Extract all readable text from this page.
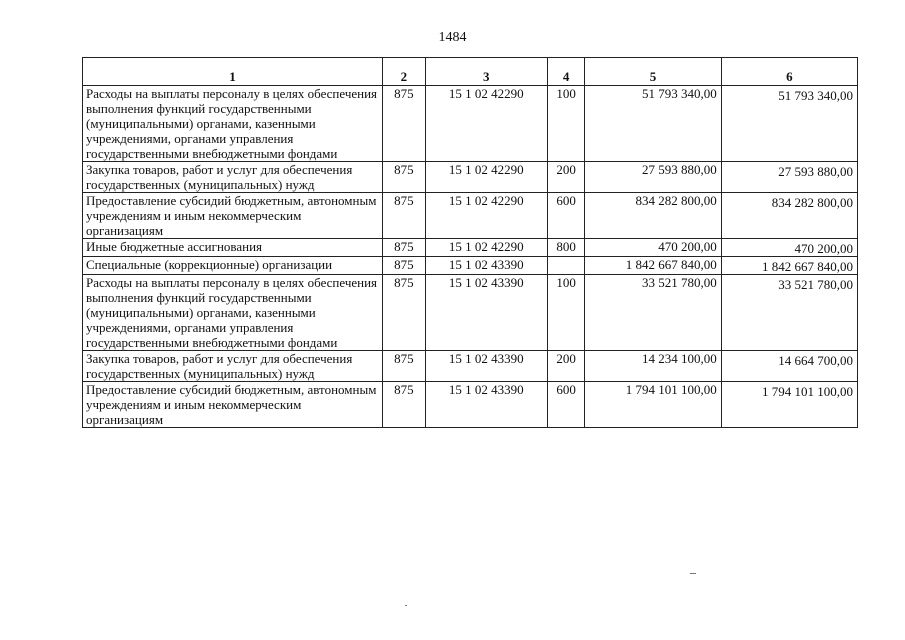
1484
1	2	3	4	5	6
Расходы на выплаты персоналу в целях обеспечения выполнения функций государственными (муниципальными) органами, казенными учреждениями, органами управления государственными внебюджетными фондами	875	15 1 02 42290	100	51 793 340,00	51 793 340,00
Закупка товаров, работ и услуг для обеспечения государственных (муниципальных) нужд	875	15 1 02 42290	200	27 593 880,00	27 593 880,00
Предоставление субсидий бюджетным, автономным учреждениям и иным некоммерческим организациям	875	15 1 02 42290	600	834 282 800,00	834 282 800,00
Иные бюджетные ассигнования	875	15 1 02 42290	800	470 200,00	470 200,00
Специальные (коррекционные) организации	875	15 1 02 43390		1 842 667 840,00	1 842 667 840,00
Расходы на выплаты персоналу в целях обеспечения выполнения функций государственными (муниципальными) органами, казенными учреждениями, органами управления государственными внебюджетными фондами	875	15 1 02 43390	100	33 521 780,00	33 521 780,00
Закупка товаров, работ и услуг для обеспечения государственных (муниципальных) нужд	875	15 1 02 43390	200	14 234 100,00	14 664 700,00
Предоставление субсидий бюджетным, автономным учреждениям и иным некоммерческим организациям	875	15 1 02 43390	600	1 794 101 100,00	1 794 101 100,00
